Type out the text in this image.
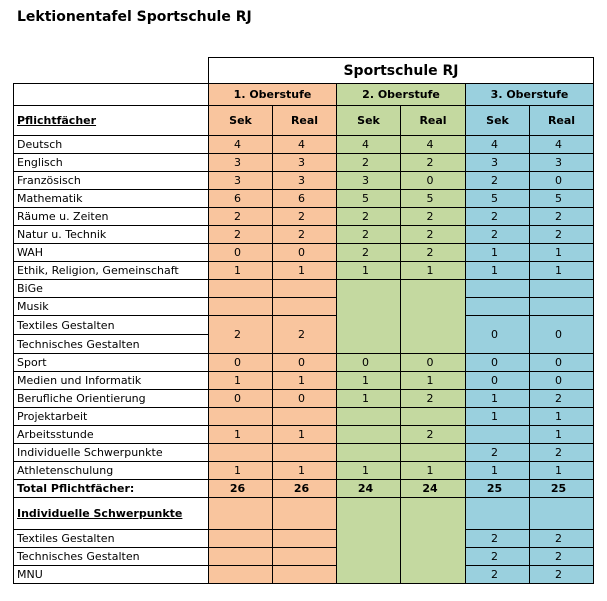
Lektionentafel Sportschule RJ
	Sportschule RJ					
	1. Oberstufe		2. Oberstufe		3. Oberstufe	
Pflichtfächer	Sek	Real	Sek	Real	Sek	Real
Deutsch	4	4	4	4	4	4
Englisch	3	3	2	2	3	3
Französisch	3	3	3	0	2	0
Mathematik	6	6	5	5	5	5
Räume u. Zeiten	2	2	2	2	2	2
Natur u. Technik	2	2	2	2	2	2
WAH	0	0	2	2	1	1
Ethik, Religion, Gemeinschaft	1	1	1	1	1	1
BiGe						
Musik						
Textiles Gestalten	2	2			0	0
Technisches Gestalten						
Sport	0	0	0	0	0	0
Medien und Informatik	1	1	1	1	0	0
Berufliche Orientierung	0	0	1	2	1	2
Projektarbeit					1	1
Arbeitsstunde	1	1		2		1
Individuelle Schwerpunkte					2	2
Athletenschulung	1	1	1	1	1	1
Total Pflichtfächer:	26	26	24	24	25	25
Individuelle Schwerpunkte						
Textiles Gestalten					2	2
Technisches Gestalten					2	2
MNU					2	2
